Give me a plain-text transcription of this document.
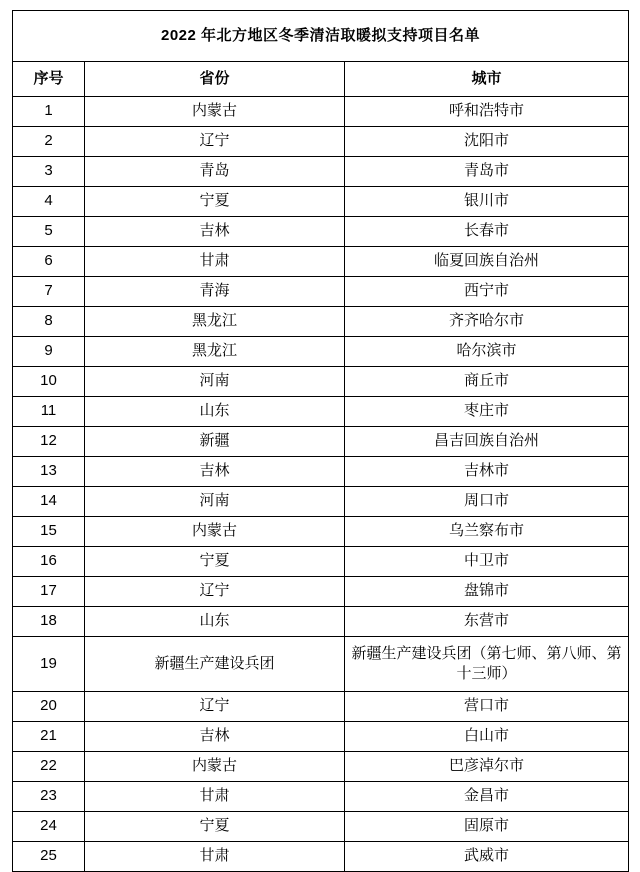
2022 年北方地区冬季清洁取暖拟支持项目名单		
序号	省份	城市
1	内蒙古	呼和浩特市
2	辽宁	沈阳市
3	青岛	青岛市
4	宁夏	银川市
5	吉林	长春市
6	甘肃	临夏回族自治州
7	青海	西宁市
8	黑龙江	齐齐哈尔市
9	黑龙江	哈尔滨市
10	河南	商丘市
11	山东	枣庄市
12	新疆	昌吉回族自治州
13	吉林	吉林市
14	河南	周口市
15	内蒙古	乌兰察布市
16	宁夏	中卫市
17	辽宁	盘锦市
18	山东	东营市
19	新疆生产建设兵团	新疆生产建设兵团（第七师、第八师、第十三师）
20	辽宁	营口市
21	吉林	白山市
22	内蒙古	巴彦淖尔市
23	甘肃	金昌市
24	宁夏	固原市
25	甘肃	武威市
